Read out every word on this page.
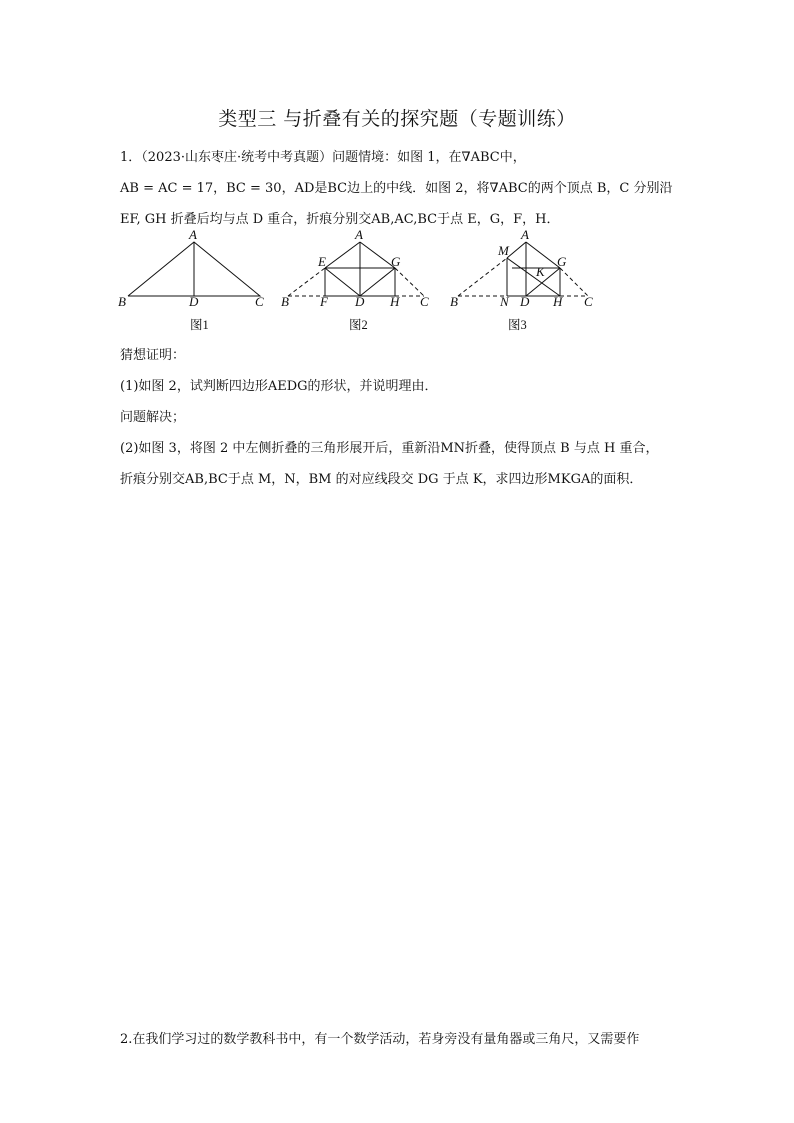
类型三 与折叠有关的探究题（专题训练）
1．（2023·山东枣庄·统考中考真题）问题情境：如图 1，在∇ABC中，
AB = AC = 17，BC = 30，AD是BC边上的中线．如图 2，将∇ABC的两个顶点 B，C 分别沿
EF, GH 折叠后均与点 D 重合，折痕分别交AB,AC,BC于点 E，G，F，H．
A
B	D	C
图1
A
E	G
B F D H C
图2
M
A
K
G
B	N D H C
图3
猜想证明：
(1)如图 2，试判断四边形AEDG的形状，并说明理由．
问题解决；
(2)如图 3，将图 2 中左侧折叠的三角形展开后，重新沿MN折叠，使得顶点 B 与点 H 重合，
折痕分别交AB,BC于点 M，N，BM 的对应线段交 DG 于点 K，求四边形MKGA的面积．
2.在我们学习过的数学教科书中，有一个数学活动，若身旁没有量角器或三角尺，又需要作
